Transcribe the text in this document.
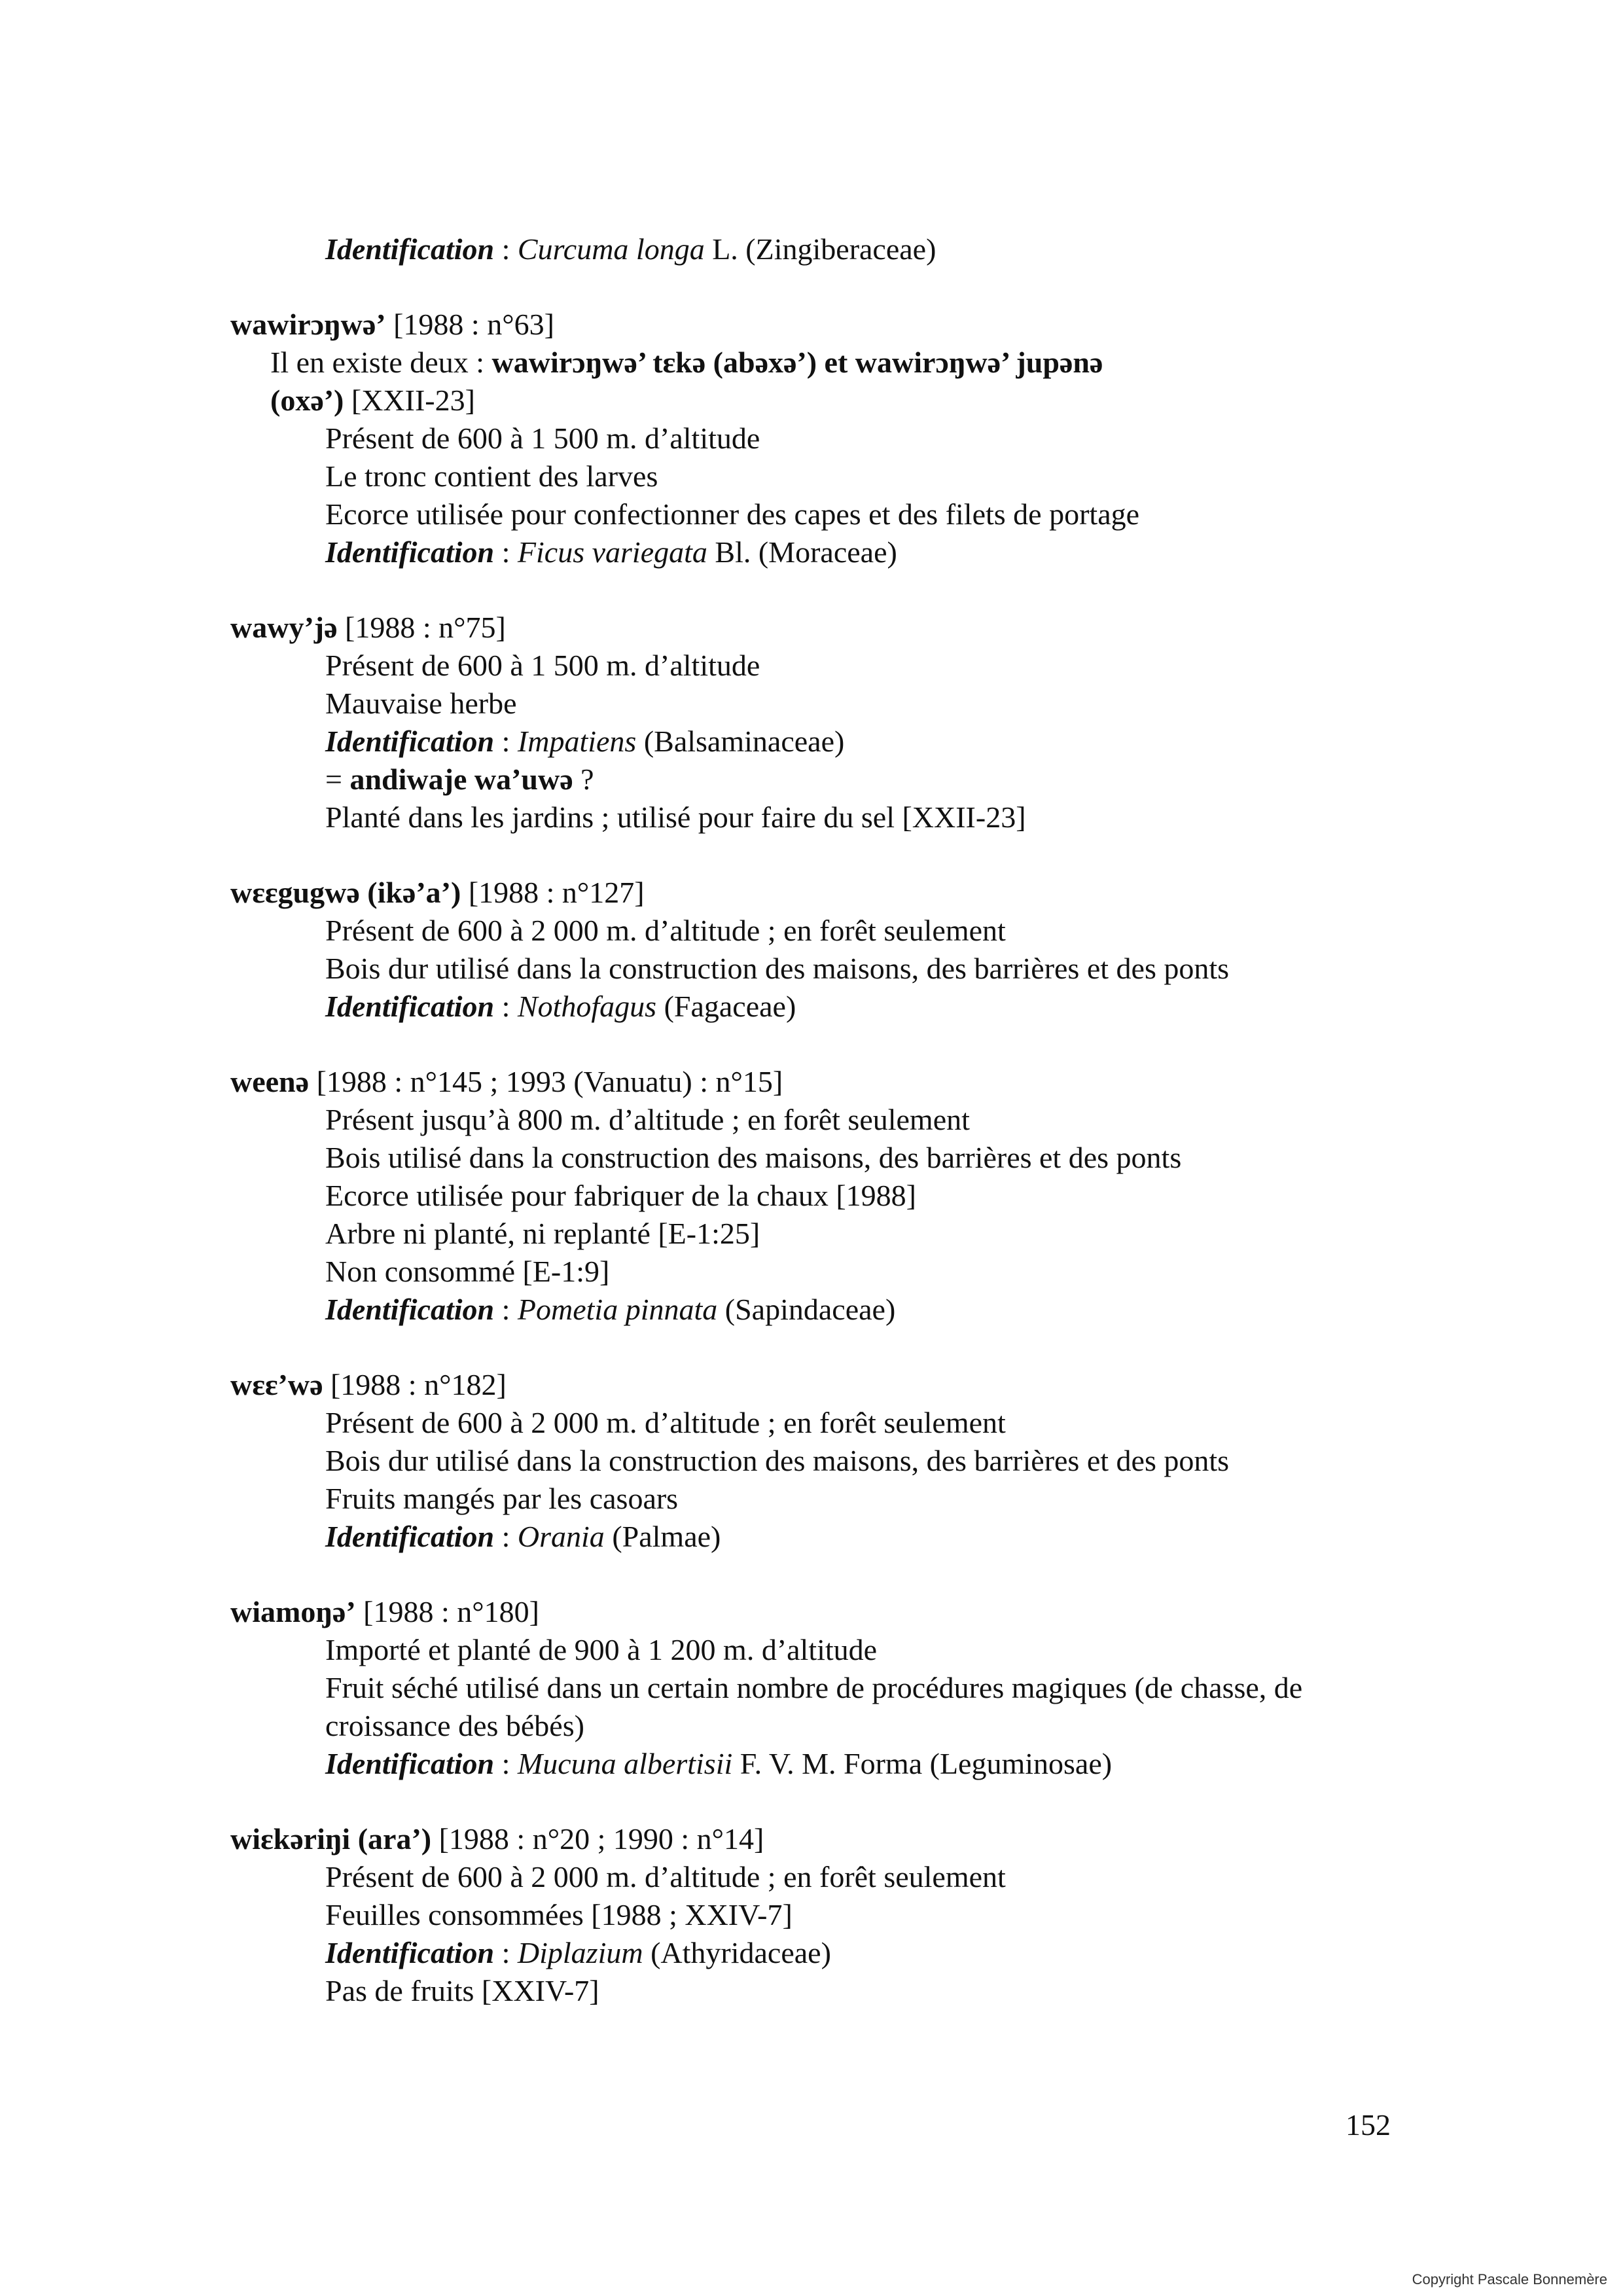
Identification : Curcuma longa L. (Zingiberaceae)
wawirɔŋwə’ [1988 : n°63]
Il en existe deux : wawirɔŋwə’ tɛkə (abəxə’) et wawirɔŋwə’ jupənə
(oxə’) [XXII-23]
Présent de 600 à 1 500 m. d’altitude
Le tronc contient des larves
Ecorce utilisée pour confectionner des capes et des filets de portage
Identification : Ficus variegata Bl. (Moraceae)
wawy’jə [1988 : n°75]
Présent de 600 à 1 500 m. d’altitude
Mauvaise herbe
Identification : Impatiens (Balsaminaceae)
= andiwaje wa’uwə ?
Planté dans les jardins ; utilisé pour faire du sel [XXII-23]
wɛɛgugwə (ikə’a’) [1988 : n°127]
Présent de 600 à 2 000 m. d’altitude ; en forêt seulement
Bois dur utilisé dans la construction des maisons, des barrières et des ponts
Identification : Nothofagus (Fagaceae)
weenə [1988 : n°145 ; 1993 (Vanuatu) : n°15]
Présent jusqu’à 800 m. d’altitude ; en forêt seulement
Bois utilisé dans la construction des maisons, des barrières et des ponts
Ecorce utilisée pour fabriquer de la chaux [1988]
Arbre ni planté, ni replanté [E-1:25]
Non consommé [E-1:9]
Identification : Pometia pinnata (Sapindaceae)
wɛɛ’wə [1988 : n°182]
Présent de 600 à 2 000 m. d’altitude ; en forêt seulement
Bois dur utilisé dans la construction des maisons, des barrières et des ponts
Fruits mangés par les casoars
Identification : Orania (Palmae)
wiamoŋə’ [1988 : n°180]
Importé et planté de 900 à 1 200 m. d’altitude
Fruit séché utilisé dans un certain nombre de procédures magiques (de chasse, de
croissance des bébés)
Identification : Mucuna albertisii F. V. M. Forma (Leguminosae)
wiɛkəriŋi (ara’) [1988 : n°20 ; 1990 : n°14]
Présent de 600 à 2 000 m. d’altitude ; en forêt seulement
Feuilles consommées [1988 ; XXIV-7]
Identification : Diplazium (Athyridaceae)
Pas de fruits [XXIV-7]
152
Copyright Pascale Bonnemère
